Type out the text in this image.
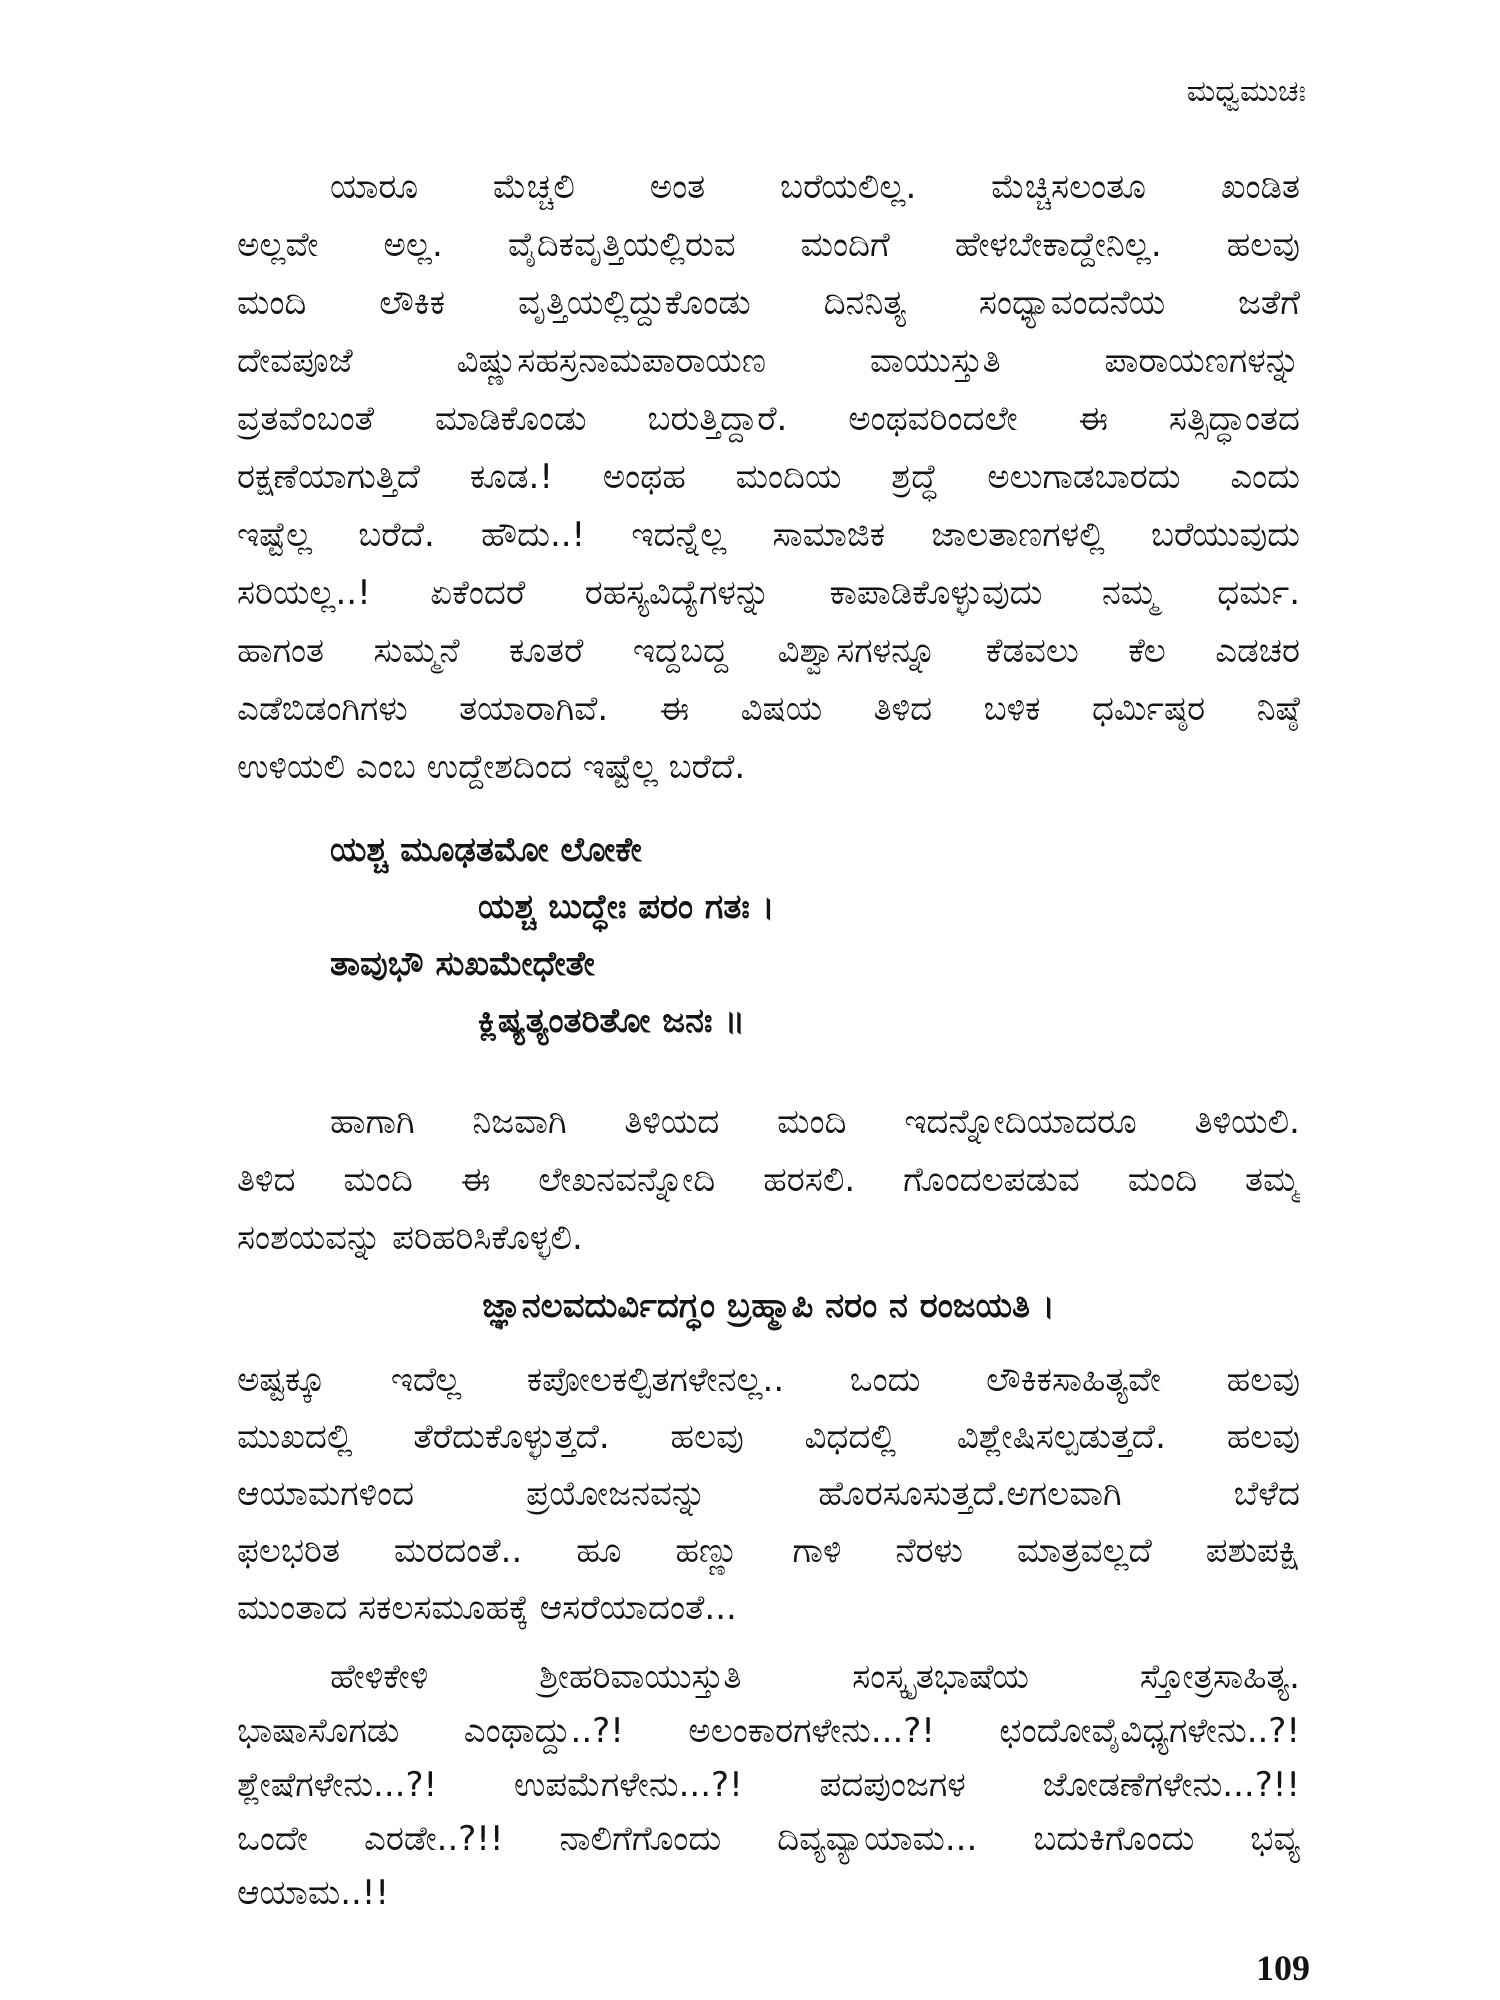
ಮಧ್ವಮುಚಃ
ಯಾರೂ ಮೆಚ್ಚಲಿ ಅಂತ ಬರೆಯಲಿಲ್ಲ. ಮೆಚ್ಚಿಸಲಂತೂ ಖಂಡಿತ
ಅಲ್ಲವೇ ಅಲ್ಲ. ವೈದಿಕವೃತ್ತಿಯಲ್ಲಿರುವ ಮಂದಿಗೆ ಹೇಳಬೇಕಾದ್ದೇನಿಲ್ಲ. ಹಲವು
ಮಂದಿ ಲೌಕಿಕ ವೃತ್ತಿಯಲ್ಲಿದ್ದುಕೊಂಡು ದಿನನಿತ್ಯ ಸಂಧ್ಯಾವಂದನೆಯ ಜತೆಗೆ
ದೇವಪೂಜೆ ವಿಷ್ಣುಸಹಸ್ರನಾಮಪಾರಾಯಣ ವಾಯುಸ್ತುತಿ ಪಾರಾಯಣಗಳನ್ನು
ವ್ರತವೆಂಬಂತೆ ಮಾಡಿಕೊಂಡು ಬರುತ್ತಿದ್ದಾರೆ. ಅಂಥವರಿಂದಲೇ ಈ ಸತ್ಸಿದ್ಧಾಂತದ
ರಕ್ಷಣೆಯಾಗುತ್ತಿದೆ ಕೂಡ.! ಅಂಥಹ ಮಂದಿಯ ಶ್ರದ್ಧೆ ಅಲುಗಾಡಬಾರದು ಎಂದು
ಇಷ್ಟೆಲ್ಲ ಬರೆದೆ. ಹೌದು..! ಇದನ್ನೆಲ್ಲ ಸಾಮಾಜಿಕ ಜಾಲತಾಣಗಳಲ್ಲಿ ಬರೆಯುವುದು
ಸರಿಯಲ್ಲ..! ಏಕೆಂದರೆ ರಹಸ್ಯವಿದ್ಯೆಗಳನ್ನು ಕಾಪಾಡಿಕೊಳ್ಳುವುದು ನಮ್ಮ ಧರ್ಮ.
ಹಾಗಂತ ಸುಮ್ಮನೆ ಕೂತರೆ ಇದ್ದಬದ್ದ ವಿಶ್ವಾಸಗಳನ್ನೂ ಕೆಡವಲು ಕೆಲ ಎಡಚರ
ಎಡೆಬಿಡಂಗಿಗಳು ತಯಾರಾಗಿವೆ. ಈ ವಿಷಯ ತಿಳಿದ ಬಳಿಕ ಧರ್ಮಿಷ್ಠರ ನಿಷ್ಠೆ
ಉಳಿಯಲಿ ಎಂಬ ಉದ್ದೇಶದಿಂದ ಇಷ್ಟೆಲ್ಲ ಬರೆದೆ.
ಯಶ್ಚ ಮೂಢತಮೋ ಲೋಕೇ
ಯಶ್ಚ ಬುದ್ಧೇಃ ಪರಂ ಗತಃ ।
ತಾವುಭೌ ಸುಖಮೇಧೇತೇ
ಕ್ಲಿಷ್ಯತ್ಯಂತರಿತೋ ಜನಃ ॥
ಹಾಗಾಗಿ ನಿಜವಾಗಿ ತಿಳಿಯದ ಮಂದಿ ಇದನ್ನೋದಿಯಾದರೂ ತಿಳಿಯಲಿ.
ತಿಳಿದ ಮಂದಿ ಈ ಲೇಖನವನ್ನೋದಿ ಹರಸಲಿ. ಗೊಂದಲಪಡುವ ಮಂದಿ ತಮ್ಮ
ಸಂಶಯವನ್ನು ಪರಿಹರಿಸಿಕೊಳ್ಳಲಿ.
ಜ್ಞಾನಲವದುರ್ವಿದಗ್ಧಂ ಬ್ರಹ್ಮಾಪಿ ನರಂ ನ ರಂಜಯತಿ ।
ಅಷ್ಟಕ್ಕೂ ಇದೆಲ್ಲ ಕಪೋಲಕಲ್ಪಿತಗಳೇನಲ್ಲ.. ಒಂದು ಲೌಕಿಕಸಾಹಿತ್ಯವೇ ಹಲವು
ಮುಖದಲ್ಲಿ ತೆರೆದುಕೊಳ್ಳುತ್ತದೆ. ಹಲವು ವಿಧದಲ್ಲಿ ವಿಶ್ಲೇಷಿಸಲ್ಪಡುತ್ತದೆ. ಹಲವು
ಆಯಾಮಗಳಿಂದ ಪ್ರಯೋಜನವನ್ನು ಹೊರಸೂಸುತ್ತದೆ.ಅಗಲವಾಗಿ ಬೆಳೆದ
ಫಲಭರಿತ ಮರದಂತೆ.. ಹೂ ಹಣ್ಣು ಗಾಳಿ ನೆರಳು ಮಾತ್ರವಲ್ಲದೆ ಪಶುಪಕ್ಷಿ
ಮುಂತಾದ ಸಕಲಸಮೂಹಕ್ಕೆ ಆಸರೆಯಾದಂತೆ...
ಹೇಳಿಕೇಳಿ ಶ್ರೀಹರಿವಾಯುಸ್ತುತಿ ಸಂಸ್ಕೃತಭಾಷೆಯ ಸ್ತೋತ್ರಸಾಹಿತ್ಯ.
ಭಾಷಾಸೊಗಡು ಎಂಥಾದ್ದು..?! ಅಲಂಕಾರಗಳೇನು...?! ಛಂದೋವೈವಿಧ್ಯಗಳೇನು..?!
ಶ್ಲೇಷೆಗಳೇನು...?! ಉಪಮೆಗಳೇನು...?! ಪದಪುಂಜಗಳ ಜೋಡಣೆಗಳೇನು...?!!
ಒಂದೇ ಎರಡೇ..?!! ನಾಲಿಗೆಗೊಂದು ದಿವ್ಯವ್ಯಾಯಾಮ... ಬದುಕಿಗೊಂದು ಭವ್ಯ
ಆಯಾಮ..!!
109
